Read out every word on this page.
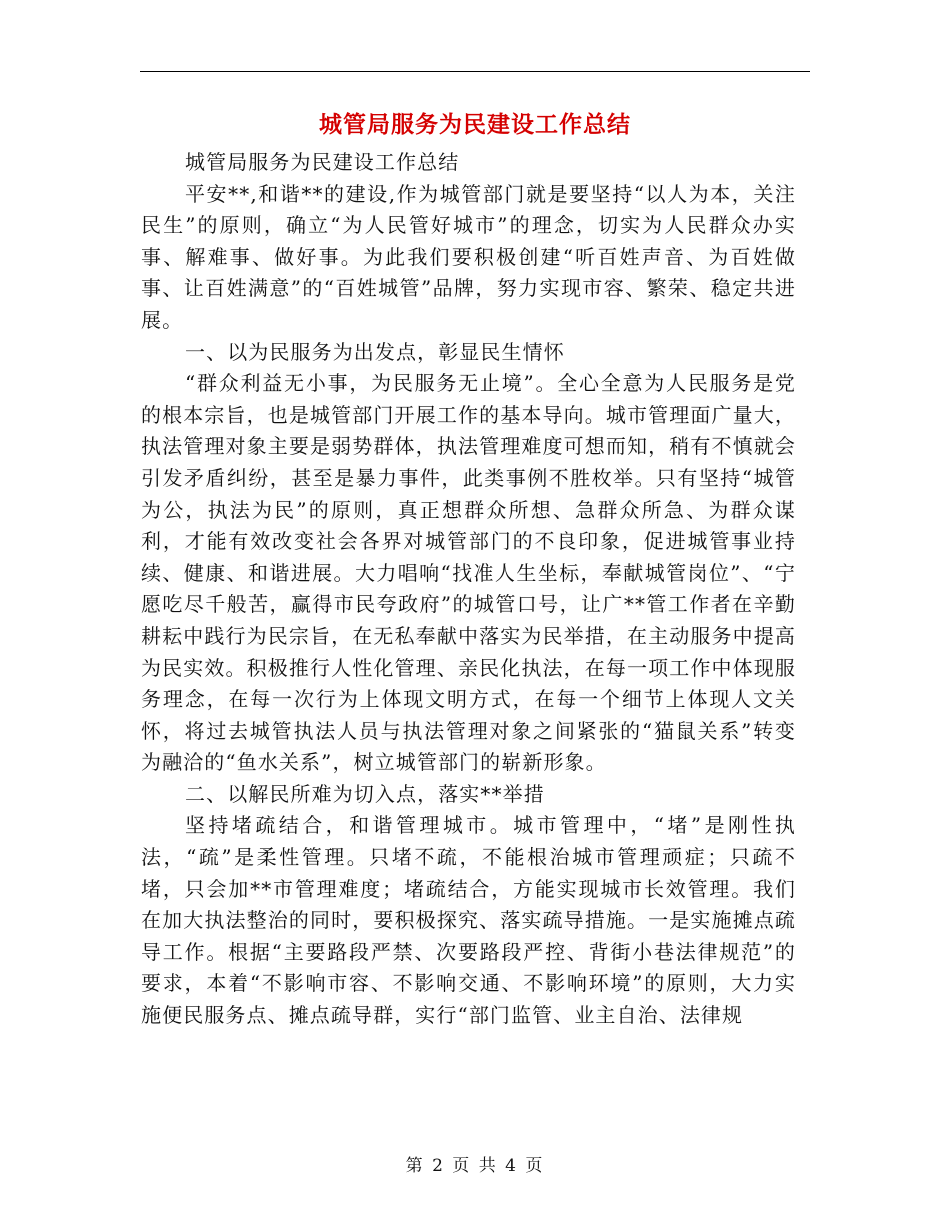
城管局服务为民建设工作总结

城管局服务为民建设工作总结

平安**,和谐**的建设,作为城管部门就是要坚持“以人为本，关注民生”的原则，确立“为人民管好城市”的理念，切实为人民群众办实事、解难事、做好事。为此我们要积极创建“听百姓声音、为百姓做事、让百姓满意”的“百姓城管”品牌，努力实现市容、繁荣、稳定共进展。

一、以为民服务为出发点，彰显民生情怀

“群众利益无小事，为民服务无止境”。全心全意为人民服务是党的根本宗旨，也是城管部门开展工作的基本导向。城市管理面广量大，执法管理对象主要是弱势群体，执法管理难度可想而知，稍有不慎就会引发矛盾纠纷，甚至是暴力事件，此类事例不胜枚举。只有坚持“城管为公，执法为民”的原则，真正想群众所想、急群众所急、为群众谋利，才能有效改变社会各界对城管部门的不良印象，促进城管事业持续、健康、和谐进展。大力唱响“找准人生坐标，奉献城管岗位”、“宁愿吃尽千般苦，赢得市民夸政府”的城管口号，让广**管工作者在辛勤耕耘中践行为民宗旨，在无私奉献中落实为民举措，在主动服务中提高为民实效。积极推行人性化管理、亲民化执法，在每一项工作中体现服务理念，在每一次行为上体现文明方式，在每一个细节上体现人文关怀，将过去城管执法人员与执法管理对象之间紧张的“猫鼠关系”转变为融洽的“鱼水关系”，树立城管部门的崭新形象。

二、以解民所难为切入点，落实**举措

坚持堵疏结合，和谐管理城市。城市管理中，“堵”是刚性执法，“疏”是柔性管理。只堵不疏，不能根治城市管理顽症；只疏不堵，只会加**市管理难度；堵疏结合，方能实现城市长效管理。我们在加大执法整治的同时，要积极探究、落实疏导措施。一是实施摊点疏导工作。根据“主要路段严禁、次要路段严控、背街小巷法律规范”的要求，本着“不影响市容、不影响交通、不影响环境”的原则，大力实施便民服务点、摊点疏导群，实行“部门监管、业主自治、法律规

第 2 页 共 4 页
